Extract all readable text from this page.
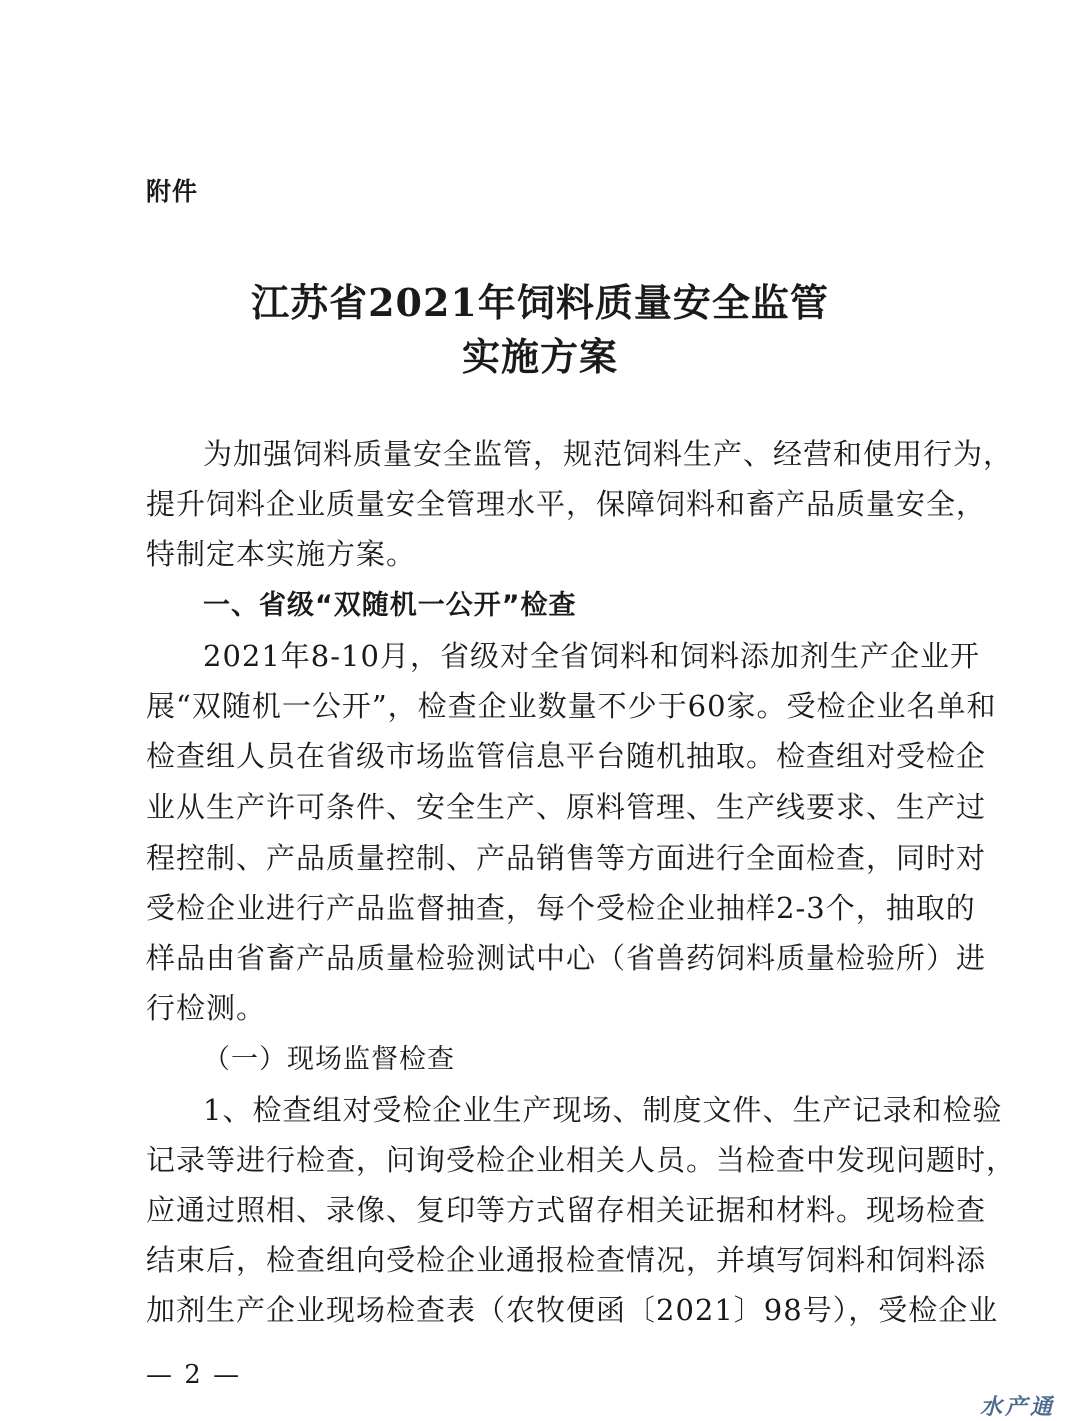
附件
江苏省2021年饲料质量安全监管
实施方案
为加强饲料质量安全监管，规范饲料生产、经营和使用行为，
提升饲料企业质量安全管理水平，保障饲料和畜产品质量安全，
特制定本实施方案。
一、省级“双随机一公开”检查
2021年8-10月，省级对全省饲料和饲料添加剂生产企业开
展“双随机一公开”，检查企业数量不少于60家。受检企业名单和
检查组人员在省级市场监管信息平台随机抽取。检查组对受检企
业从生产许可条件、安全生产、原料管理、生产线要求、生产过
程控制、产品质量控制、产品销售等方面进行全面检查，同时对
受检企业进行产品监督抽查，每个受检企业抽样2-3个，抽取的
样品由省畜产品质量检验测试中心（省兽药饲料质量检验所）进
行检测。
（一）现场监督检查
1、检查组对受检企业生产现场、制度文件、生产记录和检验
记录等进行检查，问询受检企业相关人员。当检查中发现问题时，
应通过照相、录像、复印等方式留存相关证据和材料。现场检查
结束后，检查组向受检企业通报检查情况，并填写饲料和饲料添
加剂生产企业现场检查表（农牧便函〔2021〕98号），受检企业
— 2 —
水产通
